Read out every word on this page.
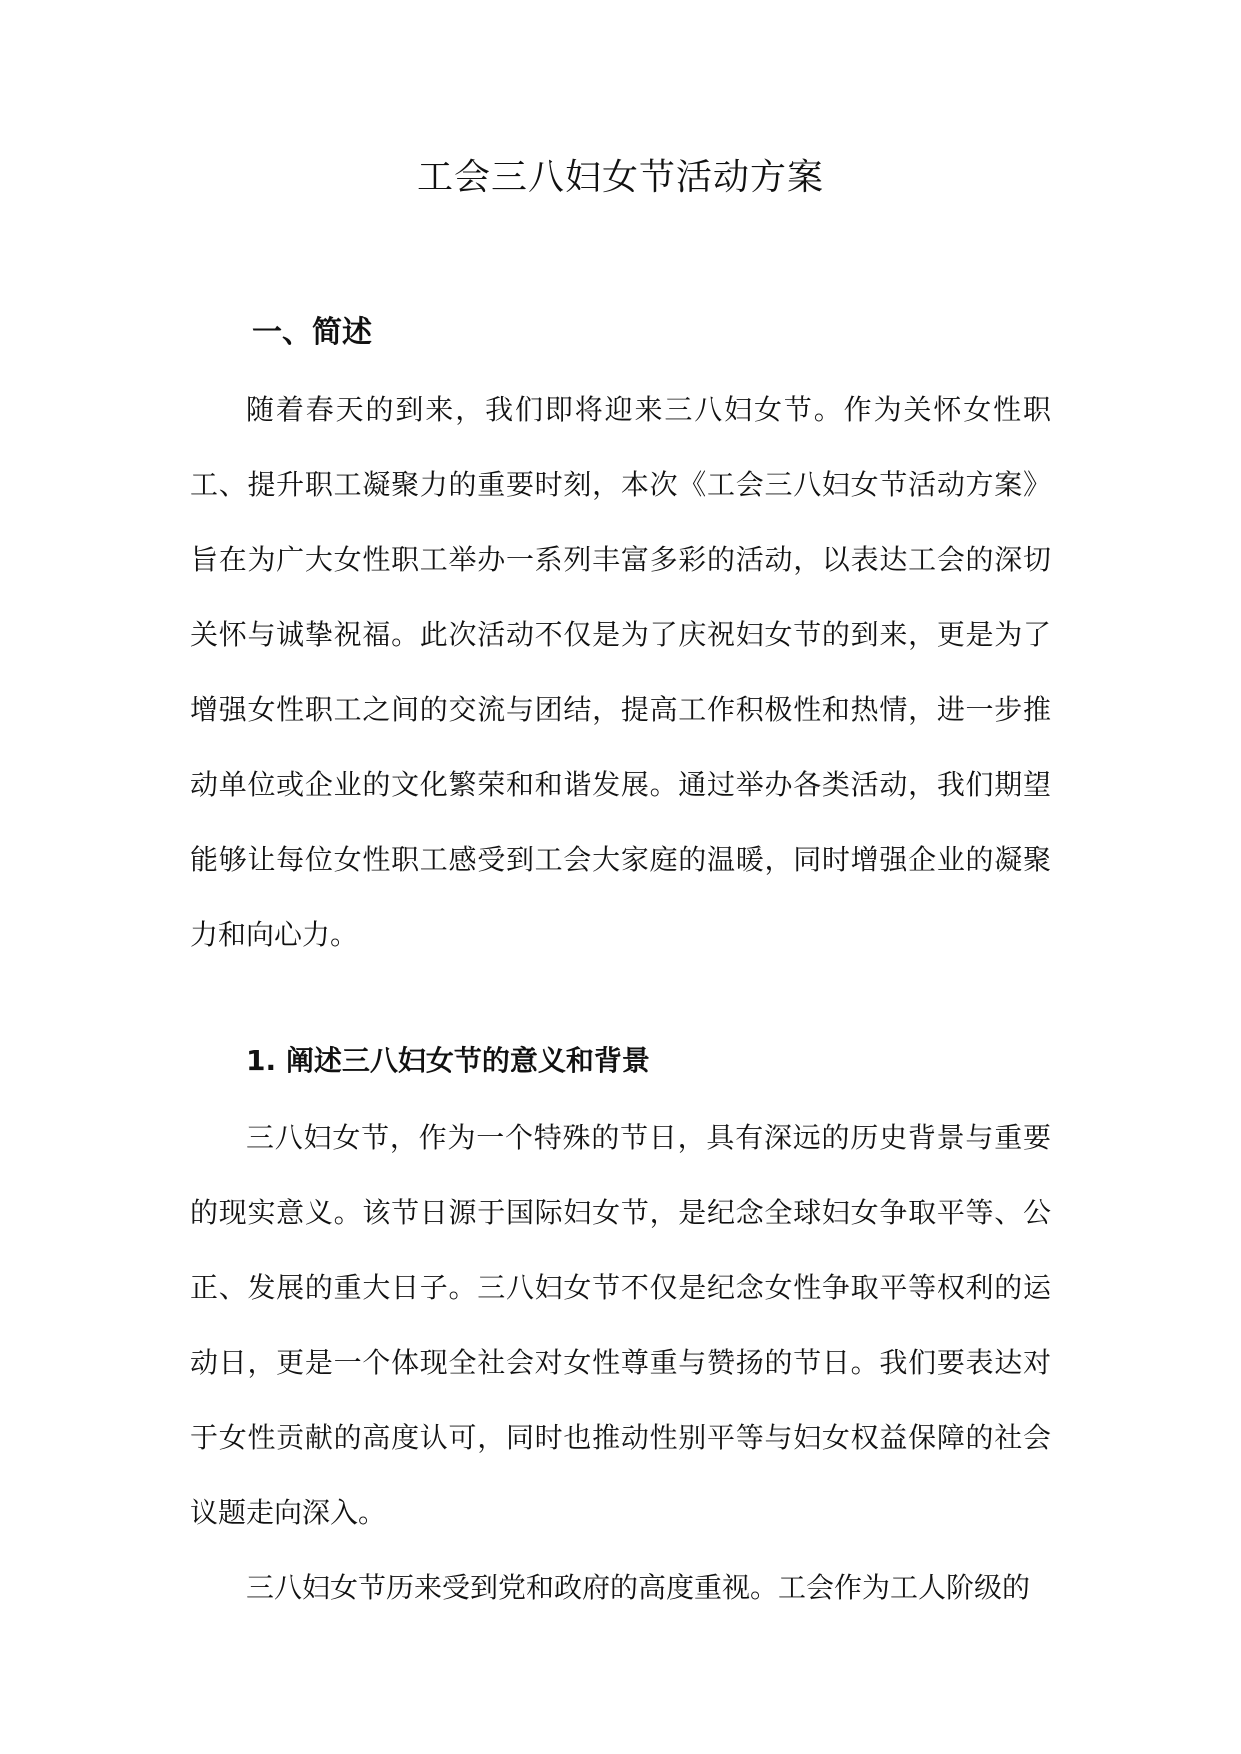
工会三八妇女节活动方案
一、简述

随着春天的到来，我们即将迎来三八妇女节。作为关怀女性职工、提升职工凝聚力的重要时刻，本次《工会三八妇女节活动方案》旨在为广大女性职工举办一系列丰富多彩的活动，以表达工会的深切关怀与诚挚祝福。此次活动不仅是为了庆祝妇女节的到来，更是为了增强女性职工之间的交流与团结，提高工作积极性和热情，进一步推动单位或企业的文化繁荣和和谐发展。通过举办各类活动，我们期望能够让每位女性职工感受到工会大家庭的温暖，同时增强企业的凝聚力和向心力。

1. 阐述三八妇女节的意义和背景

三八妇女节，作为一个特殊的节日，具有深远的历史背景与重要的现实意义。该节日源于国际妇女节，是纪念全球妇女争取平等、公正、发展的重大日子。三八妇女节不仅是纪念女性争取平等权利的运动日，更是一个体现全社会对女性尊重与赞扬的节日。我们要表达对于女性贡献的高度认可，同时也推动性别平等与妇女权益保障的社会议题走向深入。

三八妇女节历来受到党和政府的高度重视。工会作为工人阶级的
